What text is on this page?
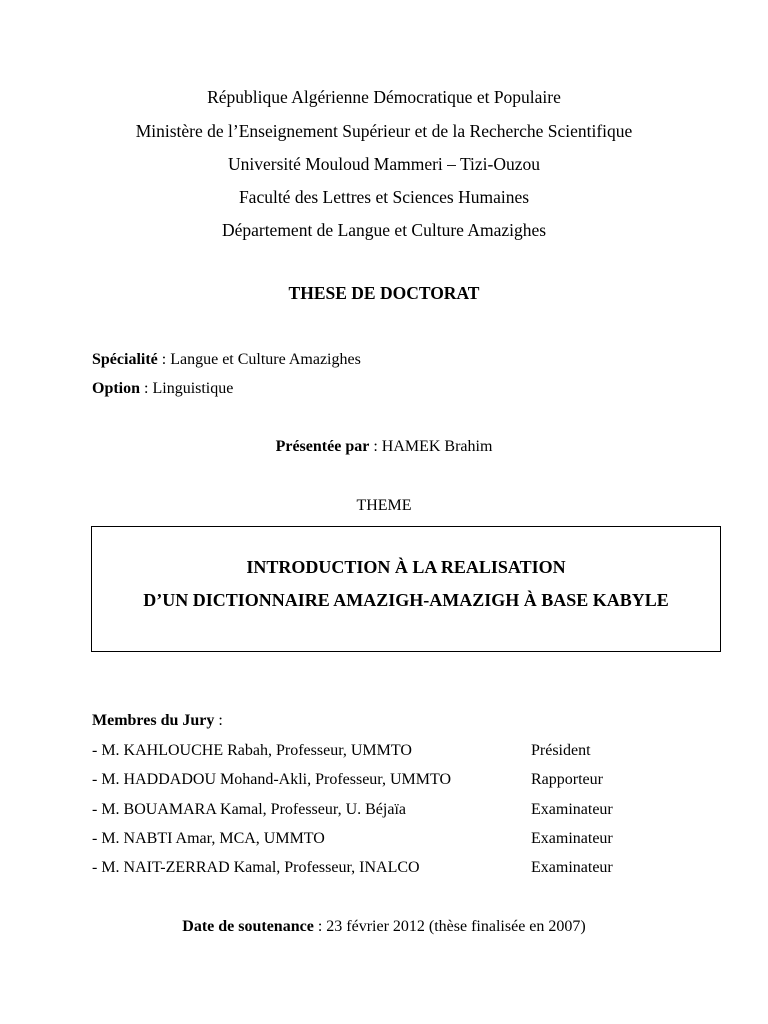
République Algérienne Démocratique et Populaire
Ministère de l’Enseignement Supérieur et de la Recherche Scientifique
Université Mouloud Mammeri – Tizi-Ouzou
Faculté des Lettres et Sciences Humaines
Département de Langue et Culture Amazighes
THESE DE DOCTORAT
Spécialité : Langue et Culture Amazighes
Option : Linguistique
Présentée par : HAMEK Brahim
THEME
INTRODUCTION À LA REALISATION
D’UN DICTIONNAIRE AMAZIGH-AMAZIGH À BASE KABYLE
Membres du Jury :
- M. KAHLOUCHE Rabah, Professeur, UMMTO	Président
- M. HADDADOU Mohand-Akli, Professeur, UMMTO	Rapporteur
- M. BOUAMARA Kamal, Professeur, U. Béjaïa	Examinateur
- M. NABTI Amar, MCA, UMMTO	Examinateur
- M. NAIT-ZERRAD Kamal, Professeur, INALCO	Examinateur
Date de soutenance : 23 février 2012 (thèse finalisée en 2007)
